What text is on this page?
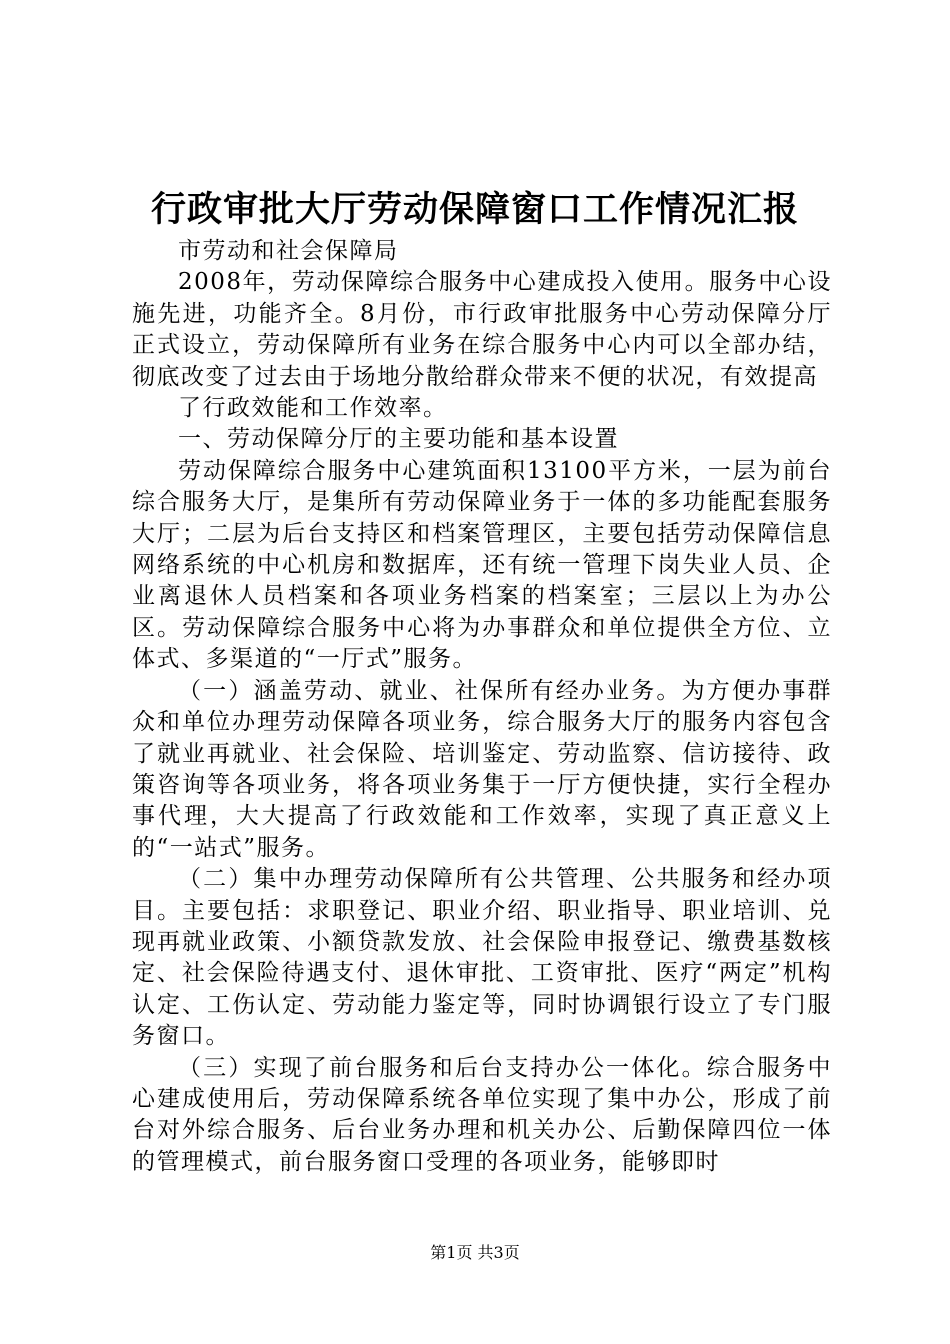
行政审批大厅劳动保障窗口工作情况汇报

市劳动和社会保障局

2008年，劳动保障综合服务中心建成投入使用。服务中心设施先进，功能齐全。8月份，市行政审批服务中心劳动保障分厅正式设立，劳动保障所有业务在综合服务中心内可以全部办结，彻底改变了过去由于场地分散给群众带来不便的状况，有效提高

了行政效能和工作效率。

一、劳动保障分厅的主要功能和基本设置

劳动保障综合服务中心建筑面积13100平方米，一层为前台综合服务大厅，是集所有劳动保障业务于一体的多功能配套服务大厅；二层为后台支持区和档案管理区，主要包括劳动保障信息网络系统的中心机房和数据库，还有统一管理下岗失业人员、企业离退休人员档案和各项业务档案的档案室；三层以上为办公区。劳动保障综合服务中心将为办事群众和单位提供全方位、立体式、多渠道的“一厅式”服务。

（一）涵盖劳动、就业、社保所有经办业务。为方便办事群众和单位办理劳动保障各项业务，综合服务大厅的服务内容包含了就业再就业、社会保险、培训鉴定、劳动监察、信访接待、政策咨询等各项业务，将各项业务集于一厅方便快捷，实行全程办事代理，大大提高了行政效能和工作效率，实现了真正意义上的“一站式”服务。

（二）集中办理劳动保障所有公共管理、公共服务和经办项目。主要包括：求职登记、职业介绍、职业指导、职业培训、兑现再就业政策、小额贷款发放、社会保险申报登记、缴费基数核定、社会保险待遇支付、退休审批、工资审批、医疗“两定”机构认定、工伤认定、劳动能力鉴定等，同时协调银行设立了专门服务窗口。

（三）实现了前台服务和后台支持办公一体化。综合服务中心建成使用后，劳动保障系统各单位实现了集中办公，形成了前台对外综合服务、后台业务办理和机关办公、后勤保障四位一体的管理模式，前台服务窗口受理的各项业务，能够即时

第1页 共3页
